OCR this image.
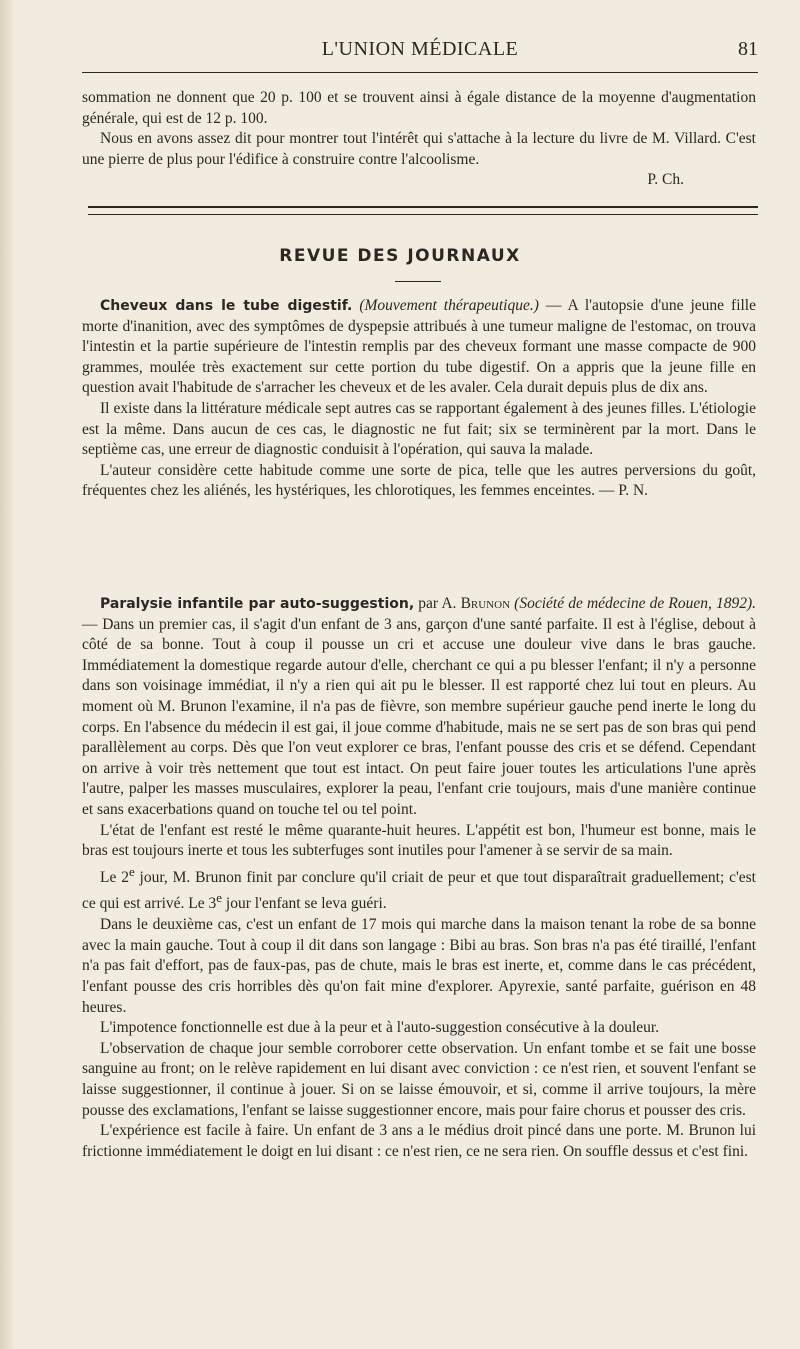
L'UNION MÉDICALE	81

sommation ne donnent que 20 p. 100 et se trouvent ainsi à égale distance de la moyenne d'augmentation générale, qui est de 12 p. 100.

Nous en avons assez dit pour montrer tout l'intérêt qui s'attache à la lecture du livre de M. Villard. C'est une pierre de plus pour l'édifice à construire contre l'alcoolisme.

P. Ch.

REVUE DES JOURNAUX

Cheveux dans le tube digestif. (Mouvement thérapeutique.) — A l'autopsie d'une jeune fille morte d'inanition, avec des symptômes de dyspepsie attribués à une tumeur maligne de l'estomac, on trouva l'intestin et la partie supérieure de l'intestin remplis par des cheveux formant une masse compacte de 900 grammes, moulée très exactement sur cette portion du tube digestif. On a appris que la jeune fille en question avait l'habitude de s'arracher les cheveux et de les avaler. Cela durait depuis plus de dix ans.

Il existe dans la littérature médicale sept autres cas se rapportant également à des jeunes filles. L'étiologie est la même. Dans aucun de ces cas, le diagnostic ne fut fait; six se terminèrent par la mort. Dans le septième cas, une erreur de diagnostic conduisit à l'opération, qui sauva la malade.

L'auteur considère cette habitude comme une sorte de pica, telle que les autres perversions du goût, fréquentes chez les aliénés, les hystériques, les chlorotiques, les femmes enceintes. — P. N.

Paralysie infantile par auto-suggestion, par A. Brunon (Société de médecine de Rouen, 1892). — Dans un premier cas, il s'agit d'un enfant de 3 ans, garçon d'une santé parfaite. Il est à l'église, debout à côté de sa bonne. Tout à coup il pousse un cri et accuse une douleur vive dans le bras gauche. Immédiatement la domestique regarde autour d'elle, cherchant ce qui a pu blesser l'enfant; il n'y a personne dans son voisinage immédiat, il n'y a rien qui ait pu le blesser. Il est rapporté chez lui tout en pleurs. Au moment où M. Brunon l'examine, il n'a pas de fièvre, son membre supérieur gauche pend inerte le long du corps. En l'absence du médecin il est gai, il joue comme d'habitude, mais ne se sert pas de son bras qui pend parallèlement au corps. Dès que l'on veut explorer ce bras, l'enfant pousse des cris et se défend. Cependant on arrive à voir très nettement que tout est intact. On peut faire jouer toutes les articulations l'une après l'autre, palper les masses musculaires, explorer la peau, l'enfant crie toujours, mais d'une manière continue et sans exacerbations quand on touche tel ou tel point.

L'état de l'enfant est resté le même quarante-huit heures. L'appétit est bon, l'humeur est bonne, mais le bras est toujours inerte et tous les subterfuges sont inutiles pour l'amener à se servir de sa main.

Le 2e jour, M. Brunon finit par conclure qu'il criait de peur et que tout disparaîtrait graduellement; c'est ce qui est arrivé. Le 3e jour l'enfant se leva guéri.

Dans le deuxième cas, c'est un enfant de 17 mois qui marche dans la maison tenant la robe de sa bonne avec la main gauche. Tout à coup il dit dans son langage : Bibi au bras. Son bras n'a pas été tiraillé, l'enfant n'a pas fait d'effort, pas de faux-pas, pas de chute, mais le bras est inerte, et, comme dans le cas précédent, l'enfant pousse des cris horribles dès qu'on fait mine d'explorer. Apyrexie, santé parfaite, guérison en 48 heures.

L'impotence fonctionnelle est due à la peur et à l'auto-suggestion consécutive à la douleur.

L'observation de chaque jour semble corroborer cette observation. Un enfant tombe et se fait une bosse sanguine au front; on le relève rapidement en lui disant avec conviction : ce n'est rien, et souvent l'enfant se laisse suggestionner, il continue à jouer. Si on se laisse émouvoir, et si, comme il arrive toujours, la mère pousse des exclamations, l'enfant se laisse suggestionner encore, mais pour faire chorus et pousser des cris.

L'expérience est facile à faire. Un enfant de 3 ans a le médius droit pincé dans une porte. M. Brunon lui frictionne immédiatement le doigt en lui disant : ce n'est rien, ce ne sera rien. On souffle dessus et c'est fini.
